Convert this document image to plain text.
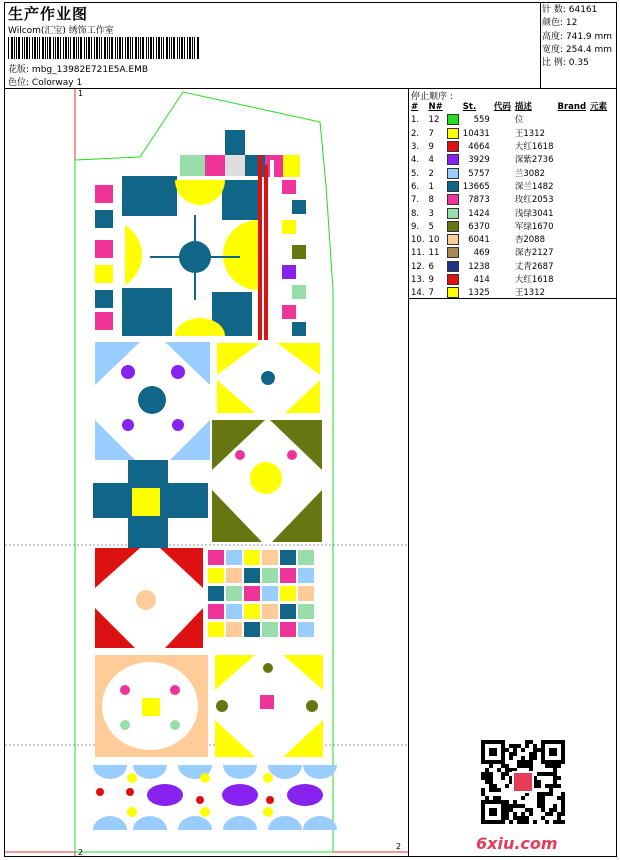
生产作业图
Wilcom(汇宝) 绣饰工作室
花版: mbg_13982E721E5A.EMB
色位: Colorway 1
针 数: 64161
颜色: 12
高度: 741.9 mm
宽度: 254.4 mm
比 例: 0.35
停止顺序 :
#	N#		St.	代码	描述	Brand	元素
1.	12		559		位		
2.	7		10431		王1312		
3.	9		4664		大红1618		
4.	4		3929		深紫2736		
5.	2		5757		兰3082		
6.	1		13665		深兰1482		
7.	8		7873		玫红2053		
8.	3		1424		浅绿3041		
9.	5		6370		军绿1670		
10.	10		6041		杏2088		
11.	11		469		深杏2127		
12.	6		1238		丈青2687		
13.	9		414		大红1618		
14.	7		1325		王1312		
1
2
2	6xiu.com
